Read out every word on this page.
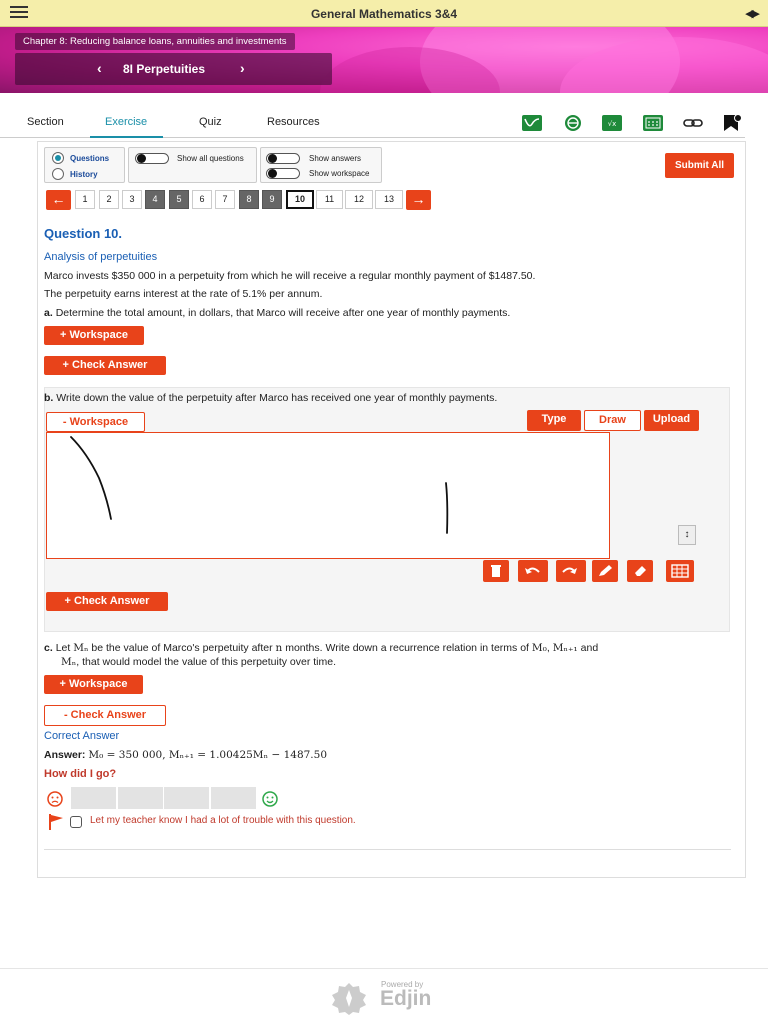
General Mathematics 3&4	◀▶
Chapter 8: Reducing balance loans, annuities and investments
‹ 8I Perpetuities ›
Section	Exercise	Quiz	Resources	√x
Questions
History
Show all questions	Show answers
Show workspace
Submit All
←	1	2	3	4	5	6	7	8	9	10	11	12	13	→
Question 10.
Analysis of perpetuities
Marco invests $350 000 in a perpetuity from which he will receive a regular monthly payment of $1487.50.
The perpetuity earns interest at the rate of 5.1% per annum.
a. Determine the total amount, in dollars, that Marco will receive after one year of monthly payments.
+ Workspace
+ Check Answer
b. Write down the value of the perpetuity after Marco has received one year of monthly payments.
- Workspace	Type	Draw	Upload
↕
+ Check Answer
c. Let Mₙ be the value of Marco's perpetuity after n months. Write down a recurrence relation in terms of M₀, Mₙ₊₁ and
Mₙ, that would model the value of this perpetuity over time.
+ Workspace
- Check Answer
Correct Answer
Answer: M₀ = 350 000, Mₙ₊₁ = 1.00425Mₙ − 1487.50
How did I go?
Let my teacher know I had a lot of trouble with this question.
Powered by
Edjin
